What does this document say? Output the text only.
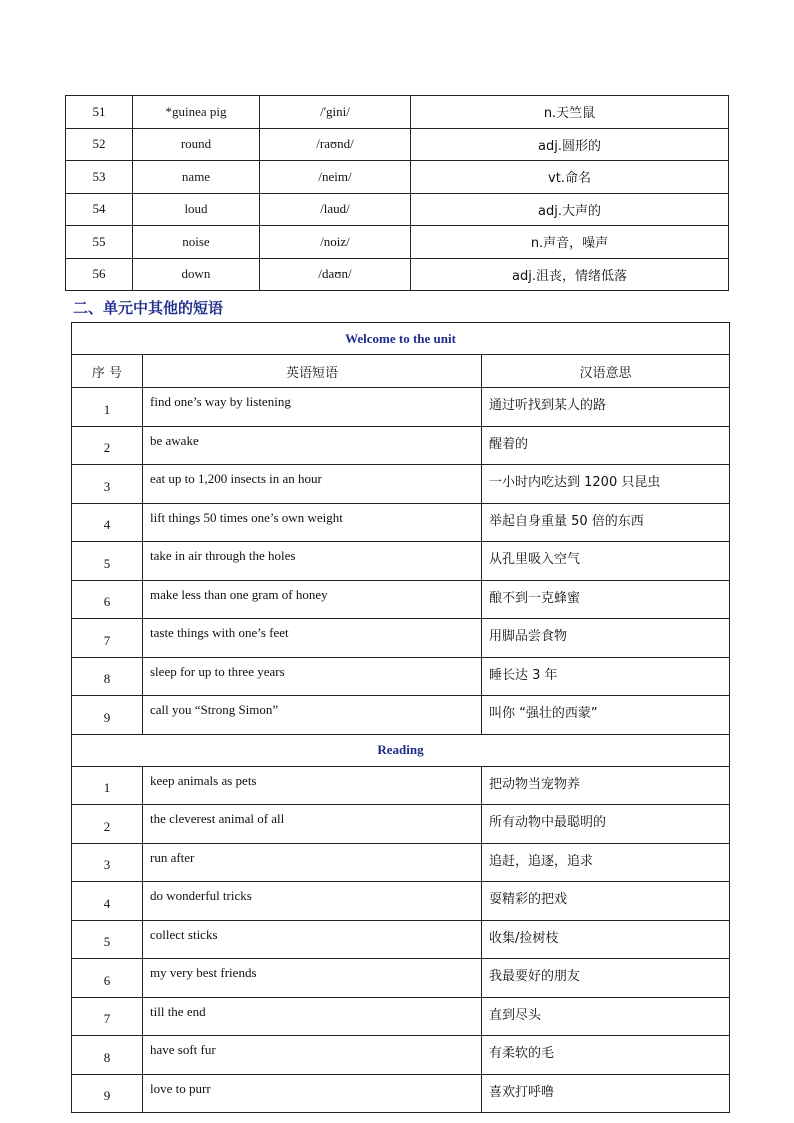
51	*guinea pig	/'gini/	n.天竺鼠
52	round	/raʊnd/	adj.圆形的
53	name	/neim/	vt.命名
54	loud	/laud/	adj.大声的
55	noise	/noiz/	n.声音，噪声
56	down	/daʊn/	adj.沮丧，情绪低落
二、单元中其他的短语
Welcome to the unit		
序 号	英语短语	汉语意思
1	find one’s way by listening	通过听找到某人的路
2	be awake	醒着的
3	eat up to 1,200 insects in an hour	一小时内吃达到 1200 只昆虫
4	lift things 50 times one’s own weight	举起自身重量 50 倍的东西
5	take in air through the holes	从孔里吸入空气
6	make less than one gram of honey	酿不到一克蜂蜜
7	taste things with one’s feet	用脚品尝食物
8	sleep for up to three years	睡长达 3 年
9	call you “Strong Simon”	叫你 “强壮的西蒙”
Reading		
1	keep animals as pets	把动物当宠物养
2	the cleverest animal of all	所有动物中最聪明的
3	run after	追赶，追逐，追求
4	do wonderful tricks	耍精彩的把戏
5	collect sticks	收集/捡树枝
6	my very best friends	我最要好的朋友
7	till the end	直到尽头
8	have soft fur	有柔软的毛
9	love to purr	喜欢打呼噜
